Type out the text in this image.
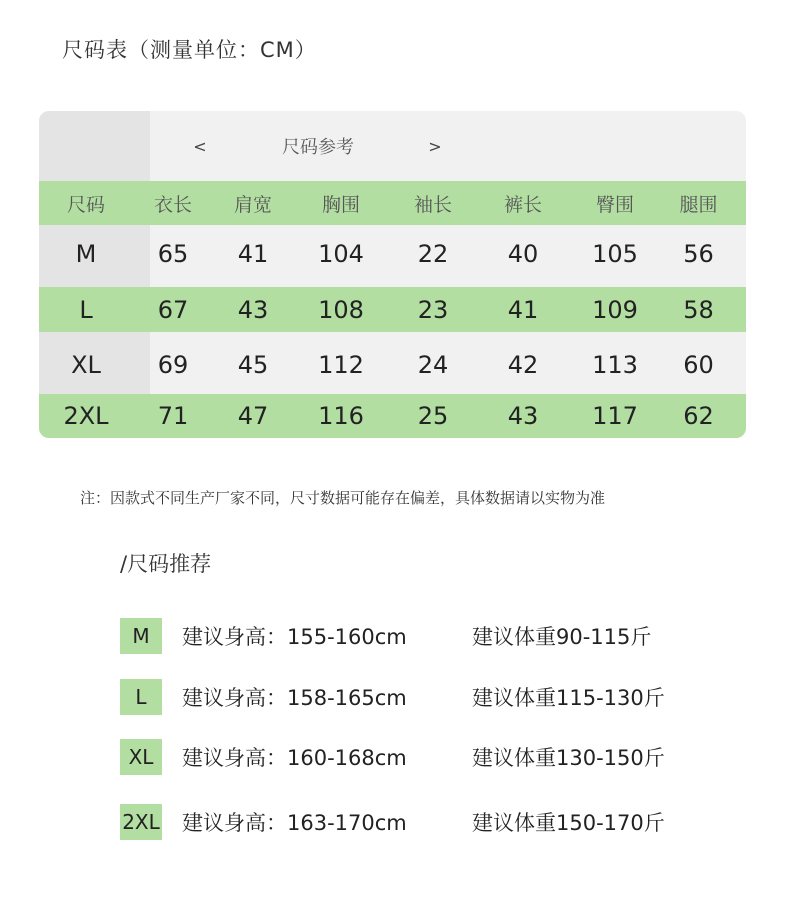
尺码表（测量单位：CM）
<	尺码参考	>
尺码	衣长	肩宽	胸围	袖长	裤长	臀围	腿围
M	65	41	104	22	40	105	56
L	67	43	108	23	41	109	58
XL	69	45	112	24	42	113	60
2XL	71	47	116	25	43	117	62
注：因款式不同生产厂家不同，尺寸数据可能存在偏差，具体数据请以实物为准
/尺码推荐
M	建议身高：155-160cm	建议体重90-115斤
L	建议身高：158-165cm	建议体重115-130斤
XL	建议身高：160-168cm	建议体重130-150斤
2XL 建议身高：163-170cm	建议体重150-170斤
